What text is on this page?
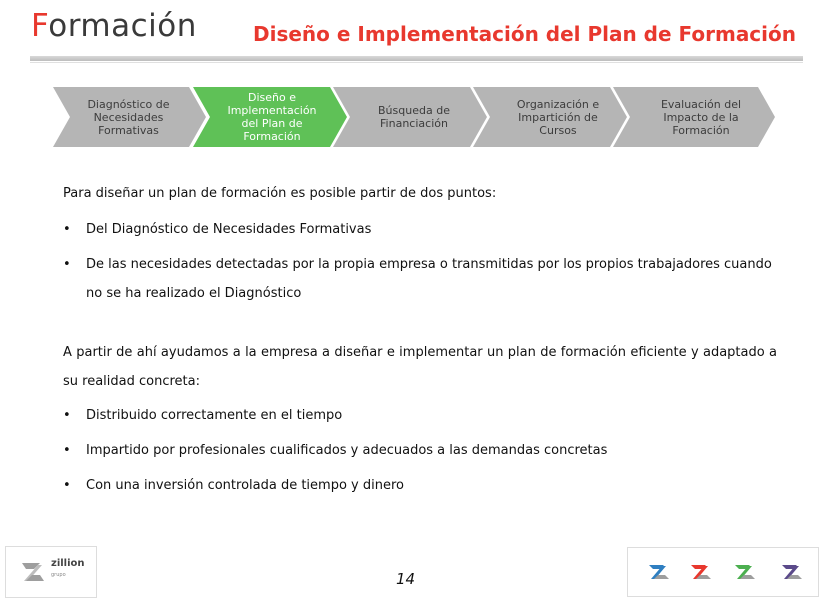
Formación	Diseño e Implementación del Plan de Formación
Diagnóstico de
Necesidades
Formativas
Diseño e
Implementación
del Plan de
Formación
Búsqueda de
Financiación
Organización e
Impartición de
Cursos
Evaluación del
Impacto de la
Formación
Para diseñar un plan de formación es posible partir de dos puntos:
• Del Diagnóstico de Necesidades Formativas
• De las necesidades detectadas por la propia empresa o transmitidas por los propios trabajadores cuando
no se ha realizado el Diagnóstico
A partir de ahí ayudamos a la empresa a diseñar e implementar un plan de formación eficiente y adaptado a su realidad concreta:
• Distribuido correctamente en el tiempo
• Impartido por profesionales cualificados y adecuados a las demandas concretas
• Con una inversión controlada de tiempo y dinero
zillion
grupo	14
